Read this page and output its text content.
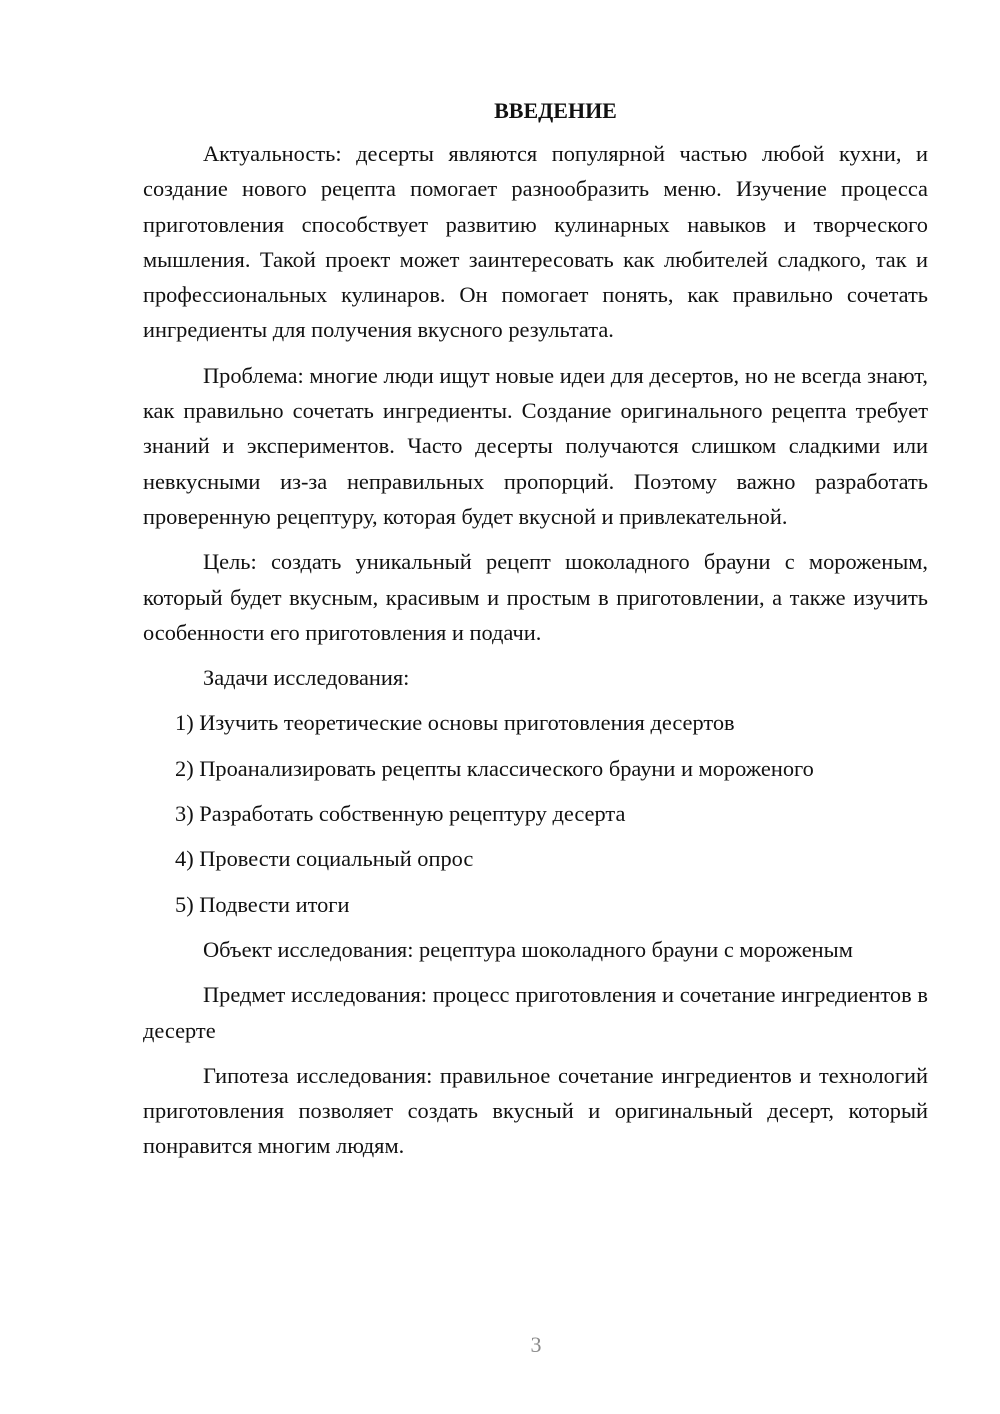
ВВЕДЕНИЕ

Актуальность: десерты являются популярной частью любой кухни, и создание нового рецепта помогает разнообразить меню. Изучение процесса приготовления способствует развитию кулинарных навыков и творческого мышления. Такой проект может заинтересовать как любителей сладкого, так и профессиональных кулинаров. Он помогает понять, как правильно сочетать ингредиенты для получения вкусного результата.

Проблема: многие люди ищут новые идеи для десертов, но не всегда знают, как правильно сочетать ингредиенты. Создание оригинального рецепта требует знаний и экспериментов. Часто десерты получаются слишком сладкими или невкусными из-за неправильных пропорций. Поэтому важно разработать проверенную рецептуру, которая будет вкусной и привлекательной.

Цель: создать уникальный рецепт шоколадного брауни с мороженым, который будет вкусным, красивым и простым в приготовлении, а также изучить особенности его приготовления и подачи.

Задачи исследования:

1) Изучить теоретические основы приготовления десертов
2) Проанализировать рецепты классического брауни и мороженого
3) Разработать собственную рецептуру десерта
4) Провести социальный опрос
5) Подвести итоги

Объект исследования: рецептура шоколадного брауни с мороженым

Предмет исследования: процесс приготовления и сочетание ингредиентов в десерте

Гипотеза исследования: правильное сочетание ингредиентов и технологий приготовления позволяет создать вкусный и оригинальный десерт, который понравится многим людям.

3
